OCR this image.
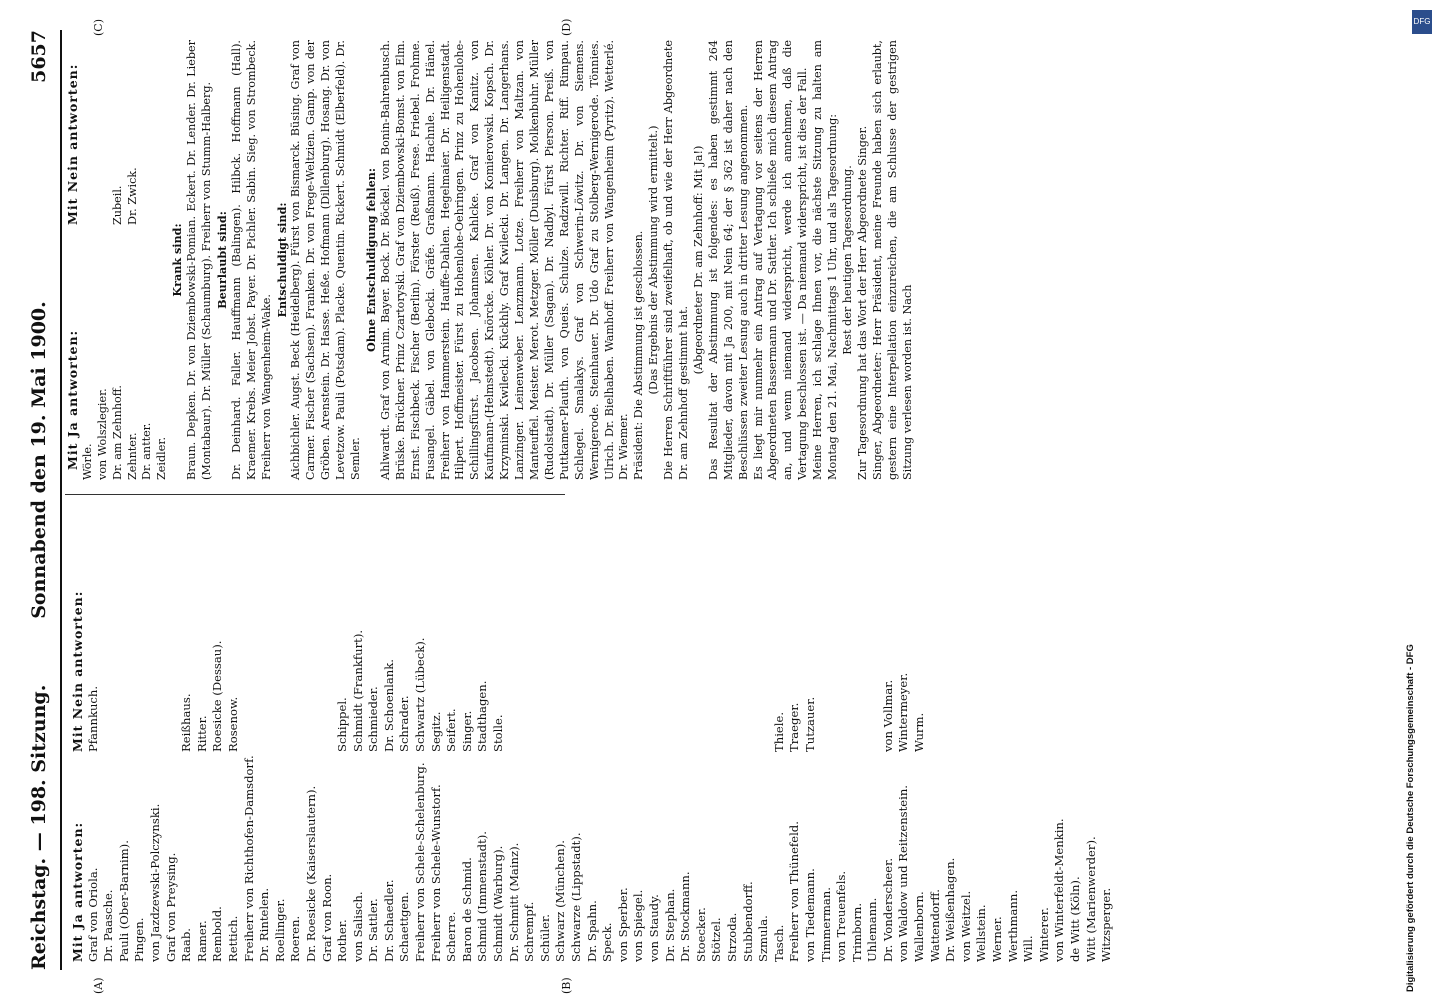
Digitalisierung gefördert durch die Deutsche Forschungsgemeinschaft - DFG
DFG
Reichstag. — 198. Sitzung.
Sonnabend den 19. Mai 1900.
5657
(A)	(B)
(C)	(D)
Mit Ja antworten:
Mit Nein antworten:
Graf von Oriola.
Pfannkuch.
Dr. Paasche. Pauli (Ober-Barnim). Pingen. von Jazdzewski-Polczynski. Graf von Preysing. Raab.
Reißhaus.
Ramer.
Ritter.
Rembold.
Roesicke (Dessau).
Rettich.
Rosenow.
Freiherr von Richthofen-Damsdorf. Dr. Rintelen. Roellinger. Roeren. Dr. Roesicke (Kaiserslautern). Graf von Roon. Rother.
Schippel.
von Salisch.
Schmidt (Frankfurt).
Dr. Sattler.
Schmieder.
Dr. Schaedler.
Dr. Schoenlank.
Schaettgen.
Schrader.
Freiherr von Schele-Schelenburg.
Schwartz (Lübeck).
Freiherr von Schele-Wunstorf.
Segitz.
Scherre.
Seifert.
Baron de Schmid.
Singer.
Schmid (Immenstadt).
Stadthagen.
Schmidt (Warburg).
Stolle.
Dr. Schmitt (Mainz). Schrempf. Schüler. Schwarz (München). Schwarze (Lippstadt). Dr. Spahn. Speck. von Sperber. von Spiegel. von Staudy. Dr. Stephan. Dr. Stockmann. Stoecker. Stötzel. Strzoda. Stubbendorff. Szmula. Tasch.
Thiele.
Freiherr von Thünefeld.
Traeger.
von Tiedemann.
Tutzauer.
Timmerman. von Treuenfels. Trimborn. Uhlemann. Dr. Vonderscheer.
von Vollmar.
von Waldow und Reitzenstein.
Wintermeyer.
Wallenborn.
Wurm.
Wattendorff. Dr. Weißenhagen. von Weitzel. Wellstein. Werner. Werthmann. Will. Winterer. von Winterfeldt-Menkin. de Witt (Köln). Witt (Marienwerder). Witzsperger.
Mit Ja antworten:
Mit Nein antworten:
Wörle. von Wolszlegier. Dr. am Zehnhoff.
Zubeil.
Zehnter.
Dr. Zwick.
Dr. antter. Zeidler.
Krank sind: Braun. Depken. Dr. von Dziembowski-Pomian. Eckert. Dr. Lender. Dr. Lieber (Montabaur). Dr. Müller (Schaumburg). Freiherr von Stumm-Halberg. Beurlaubt sind: Dr. Deinhard. Faller. Hauffmann (Balingen). Hilbck. Hoffmann (Hall). Kraemer. Krebs. Meier Jobst. Payer. Dr. Pichler. Sabin. Sieg. von Strombeck. Freiherr von Wangenheim-Wake.

Entschuldigt sind: Aichbichler. Augst. Beck (Heidelberg). Fürst von Bismarck. Büsing. Graf von Carmer. Fischer (Sachsen). Franken. Dr. von Frege-Weltzien. Gamp. von der Gröben. Arenstein. Dr. Hasse. Heße. Hofmann (Dillenburg). Hosang. Dr. von Levetzow. Pauli (Potsdam). Placke. Quentin. Rickert. Schmidt (Elberfeld). Dr. Semler.

Ohne Entschuldigung fehlen: Ahlwardt. Graf von Arnim. Bayer. Bock. Dr. Böckel. von Bonin-Bahrenbusch. Brüske. Brückner. Prinz Czartoryski. Graf von Dziembowski-Bomst. von Elm. Ernst. Fischbeck. Fischer (Berlin). Förster (Reuß). Frese. Friebel. Frohme. Fusangel. Gäbel. von Glebocki. Gräfe. Graßmann. Hachnle. Dr. Hänel. Freiherr von Hammerstein. Hauffe-Dahlen. Hegelmaier. Dr. Heiligenstadt. Hilpert. Hoffmeister. Fürst zu Hohenlohe-Oehringen. Prinz zu Hohenlohe-Schillingsfürst. Jacobsen. Johannsen. Kahlcke. Graf von Kanitz. von Kaufmann-(Helmstedt). Knörcke. Köhler. Dr. von Komierowski. Kopsch. Dr. Krzyminski. Kwilecki. Kückhly. Graf Kwilecki. Dr. Langen. Dr. Langerhans. Lanzinger. Leinenweber. Lenzmann. Lotze. Freiherr von Maltzan. von Manteuffel. Meister. Merot. Metzger. Möller (Duisburg). Molkenbuhr. Müller (Rudolstadt). Dr. Müller (Sagan). Dr. Nadbyl. Fürst Pierson. Preiß. von Puttkamer-Plauth. von Queis. Schulze. Radziwill. Richter. Riff. Rimpau. Schlegel. Smalakys. Graf von Schwerin-Löwitz. Dr. von Siemens. Wernigerode. Steinhauer. Dr. Udo Graf zu Stolberg-Wernigerode. Tönnies. Ulrich. Dr. Bielhaben. Wamhoff. Freiherr von Wangenheim (Pyritz). Wetterlé. Dr. Wiemer. Präsident: Die Abstimmung ist geschlossen. (Das Ergebnis der Abstimmung wird ermittelt.) Die Herren Schriftführer sind zweifelhaft, ob und wie der Herr Abgeordnete Dr. am Zehnhoff gestimmt hat.

(Abgeordneter Dr. am Zehnhoff: Mit Ja!) Das Resultat der Abstimmung ist folgendes: es haben gestimmt 264 Mitglieder, davon mit Ja 200, mit Nein 64; der § 362 ist daher nach den Beschlüssen zweiter Lesung auch in dritter Lesung angenommen. Es liegt mir nunmehr ein Antrag auf Vertagung vor seitens der Herren Abgeordneten Bassermann und Dr. Sattler. Ich schließe mich diesem Antrag an, und wenn niemand widerspricht, werde ich annehmen, daß die Vertagung beschlossen ist. — Da niemand widerspricht, ist dies der Fall. Meine Herren, ich schlage Ihnen vor, die nächste Sitzung zu halten am Montag den 21. Mai, Nachmittags 1 Uhr, und als Tagesordnung: Rest der heutigen Tagesordnung. Zur Tagesordnung hat das Wort der Herr Abgeordnete Singer. Singer, Abgeordneter: Herr Präsident, meine Freunde haben sich erlaubt, gestern eine Interpellation einzureichen, die am Schlusse der gestrigen Sitzung verlesen worden ist. Nach
